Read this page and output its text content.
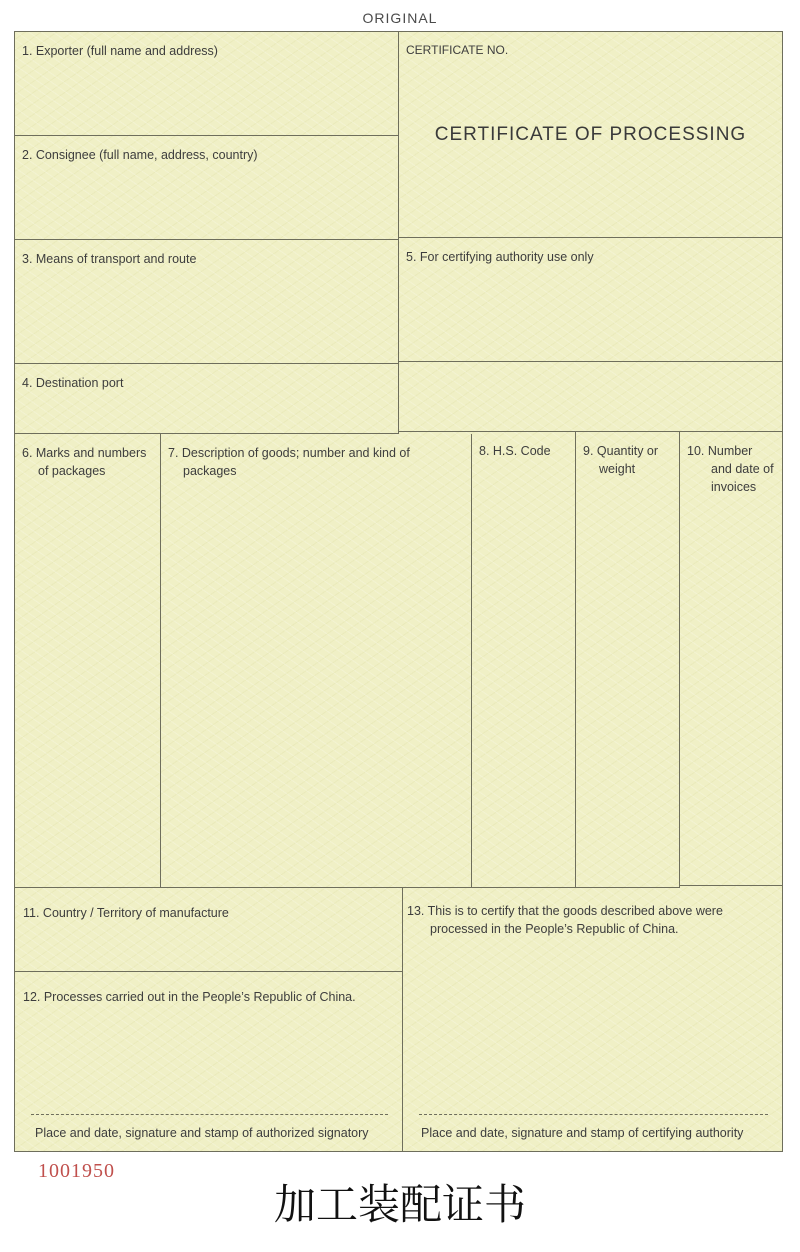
ORIGINAL
1. Exporter (full name and address)	CERTIFICATE NO.
CERTIFICATE OF PROCESSING
2. Consignee (full name, address, country)
3. Means of transport and route	5. For certifying authority use only
4. Destination port
6. Marks and numbers of packages
7. Description of goods; number and kind of packages
8. H.S. Code	9. Quantity or weight
10. Number and date of invoices
11. Country / Territory of manufacture
12. Processes carried out in the People’s Republic of China.
Place and date, signature and stamp of authorized signatory
13. This is to certify that the goods described above were processed in the People’s Republic of China.
Place and date, signature and stamp of certifying authority
1001950
加工装配证书
